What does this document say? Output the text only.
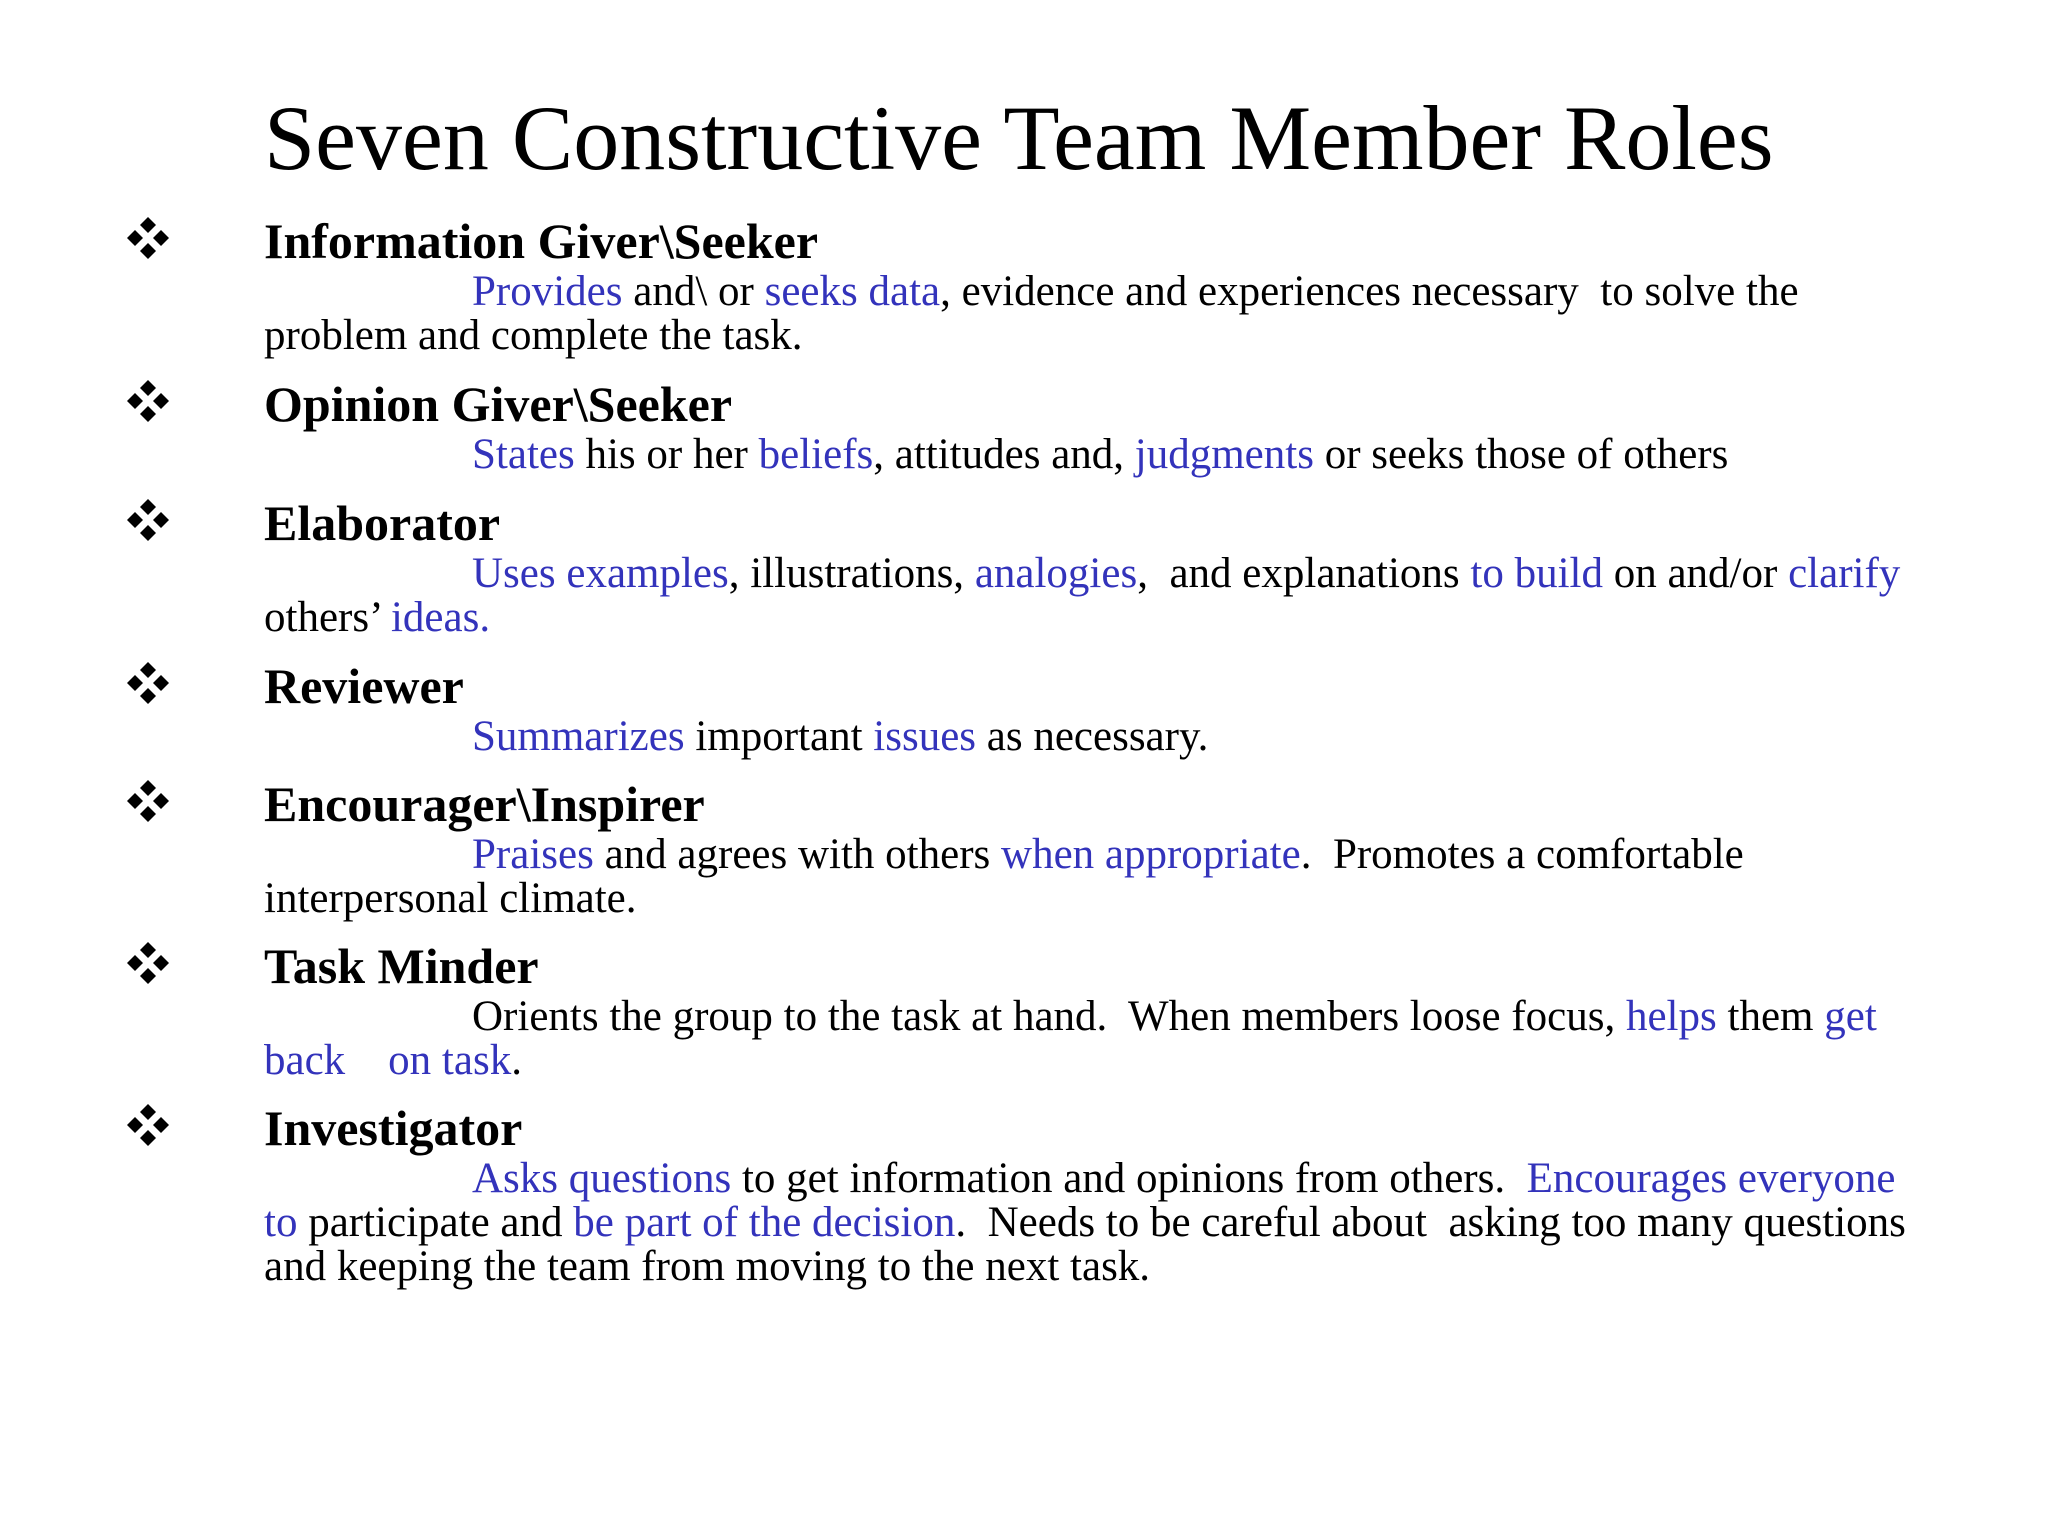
Seven Constructive Team Member Roles
Information Giver\Seeker

Provides and\ or seeks data, evidence and experiences necessary  to solve the problem and complete the task.

Opinion Giver\Seeker

States his or her beliefs, attitudes and, judgments or seeks those of others

Elaborator

Uses examples, illustrations, analogies,  and explanations to build on and/or clarify others’ ideas.

Reviewer

Summarizes important issues as necessary.

Encourager\Inspirer

Praises and agrees with others when appropriate.  Promotes a comfortable interpersonal climate.

Task Minder

Orients the group to the task at hand.  When members loose focus, helps them get back on task.

Investigator

Asks questions to get information and opinions from others.  Encourages everyone to participate and be part of the decision.  Needs to be careful about  asking too many questions and keeping the team from moving to the next task.
